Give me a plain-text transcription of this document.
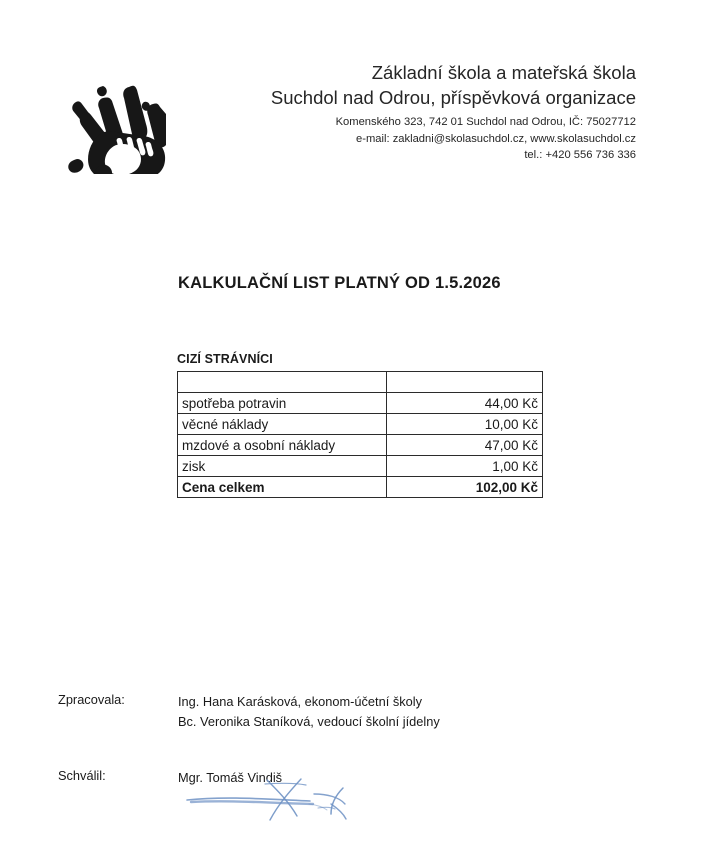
Základní škola a mateřská škola
Suchdol nad Odrou, příspěvková organizace
Komenského 323, 742 01 Suchdol nad Odrou, IČ: 75027712
e-mail: zakladni@skolasuchdol.cz, www.skolasuchdol.cz
tel.: +420 556 736 336
KALKULAČNÍ LIST PLATNÝ OD 1.5.2026
CIZÍ STRÁVNÍCI

spotřeba potravin	44,00 Kč
věcné náklady	10,00 Kč
mzdové a osobní náklady	47,00 Kč
zisk	1,00 Kč
Cena celkem	102,00 Kč
Zpracovala:	Ing. Hana Karásková, ekonom-účetní školy
Bc. Veronika Staníková, vedoucí školní jídelny
Schválil:	Mgr. Tomáš Vindiš
